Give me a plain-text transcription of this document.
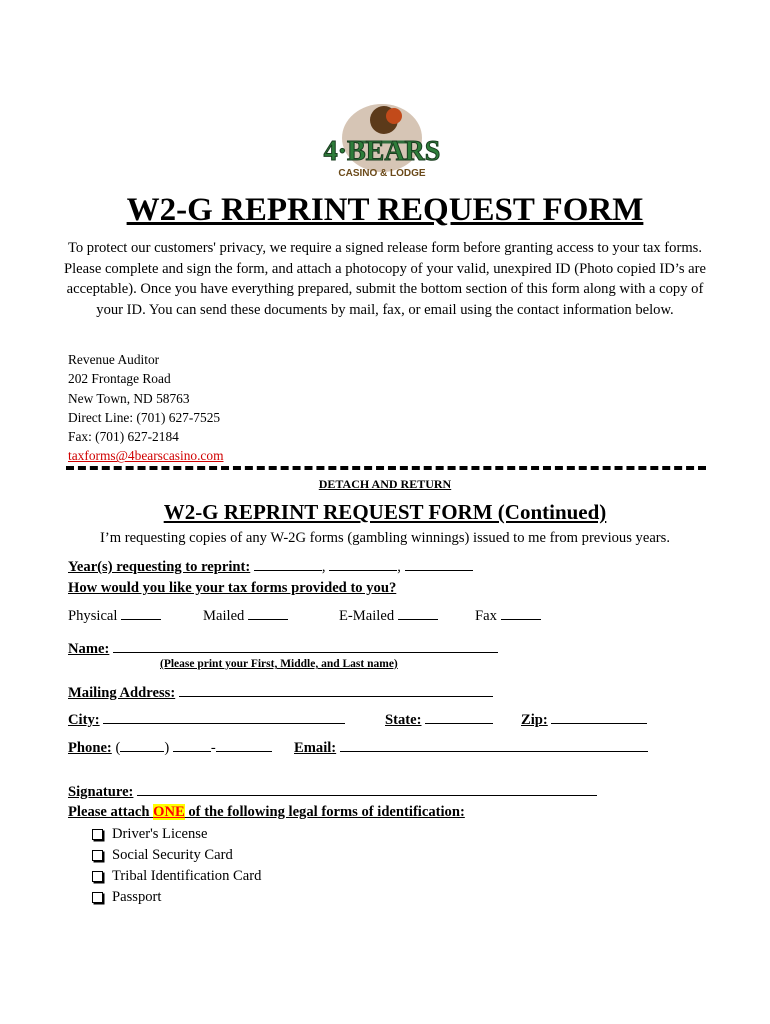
4·BEARS
CASINO & LODGE
W2-G REPRINT REQUEST FORM
To protect our customers' privacy, we require a signed release form before granting access to your tax forms. Please complete and sign the form, and attach a photocopy of your valid, unexpired ID (Photo copied ID’s are acceptable). Once you have everything prepared, submit the bottom section of this form along with a copy of your ID. You can send these documents by mail, fax, or email using the contact information below.
Revenue Auditor
202 Frontage Road
New Town, ND 58763
Direct Line: (701) 627-7525
Fax: (701) 627-2184
taxforms@4bearscasino.com
DETACH AND RETURN
W2-G REPRINT REQUEST FORM (Continued)
I’m requesting copies of any W-2G forms (gambling winnings) issued to me from previous years.
Year(s) requesting to reprint:	,	,
How would you like your tax forms provided to you?
Physical	Mailed	E-Mailed	Fax
Name:
(Please print your First, Middle, and Last name)
Mailing Address:
City:	State:	Zip:
Phone: (	)	-	Email:
Signature:
Please attach ONE of the following legal forms of identification:
Driver's License
Social Security Card
Tribal Identification Card
Passport
